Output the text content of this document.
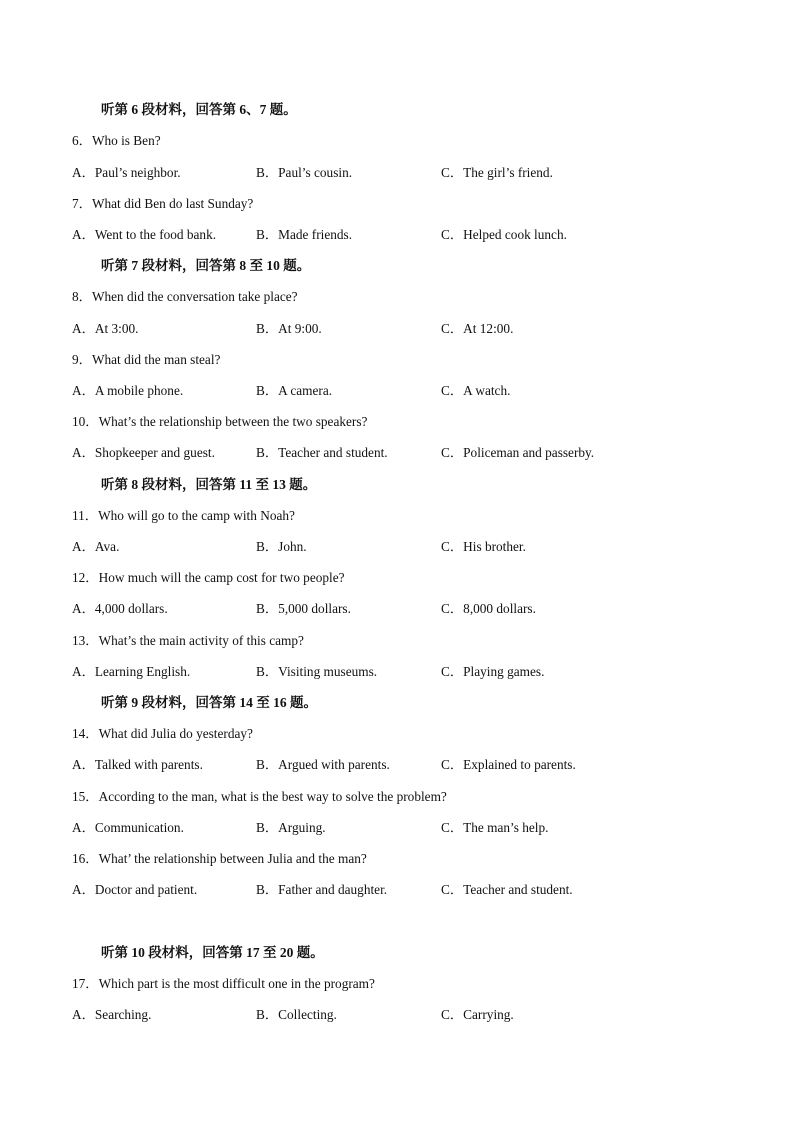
听第 6 段材料，回答第 6、7 题。
6．Who is Ben?
A．Paul’s neighbor.	B．Paul’s cousin.	C．The girl’s friend.
7．What did Ben do last Sunday?
A．Went to the food bank.	B．Made friends.	C．Helped cook lunch.
听第 7 段材料，回答第 8 至 10 题。
8．When did the conversation take place?
A．At 3:00.	B．At 9:00.	C．At 12:00.
9．What did the man steal?
A．A mobile phone.	B．A camera.	C．A watch.
10．What’s the relationship between the two speakers?
A．Shopkeeper and guest.	B．Teacher and student.	C．Policeman and passerby.
听第 8 段材料，回答第 11 至 13 题。
11．Who will go to the camp with Noah?
A．Ava.	B．John.	C．His brother.
12．How much will the camp cost for two people?
A．4,000 dollars.	B．5,000 dollars.	C．8,000 dollars.
13．What’s the main activity of this camp?
A．Learning English.	B．Visiting museums.	C．Playing games.
听第 9 段材料，回答第 14 至 16 题。
14．What did Julia do yesterday?
A．Talked with parents.	B．Argued with parents.	C．Explained to parents.
15．According to the man, what is the best way to solve the problem?
A．Communication.	B．Arguing.	C．The man’s help.
16．What’ the relationship between Julia and the man?
A．Doctor and patient.	B．Father and daughter.	C．Teacher and student.
听第 10 段材料，回答第 17 至 20 题。
17．Which part is the most difficult one in the program?
A．Searching.	B．Collecting.	C．Carrying.
